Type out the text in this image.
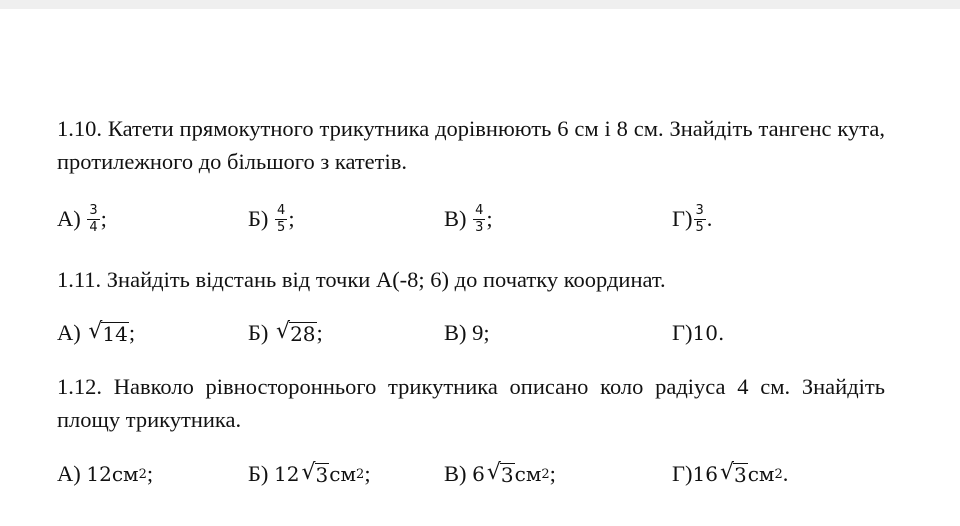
1.10. Катети прямокутного трикутника дорівнюють 6 см і 8 см. Знайдіть тангенс кута, протилежного до більшого з катетів.
А)
$\frac{3}{4}$ ;	Б)
$\frac{4}{5}$ ;	В)
$\frac{4}{3}$ ;	$Г) \frac{3}{5}$ .
1.11. Знайдіть відстань від точки А(-8; 6) до початку координат.
А)
√ 14 ;	Б)
√ 28 ;	В)
9;	Г) 10.
1.12. Навколо рівностороннього трикутника описано коло радіуса 4 см. Знайдіть площу трикутника.
А)
12 см 2 ;	Б)
12 √ 3 см 2 ;	В)
6 √ 3 см 2 ;	Г) 16 √ 3 см 2 .
